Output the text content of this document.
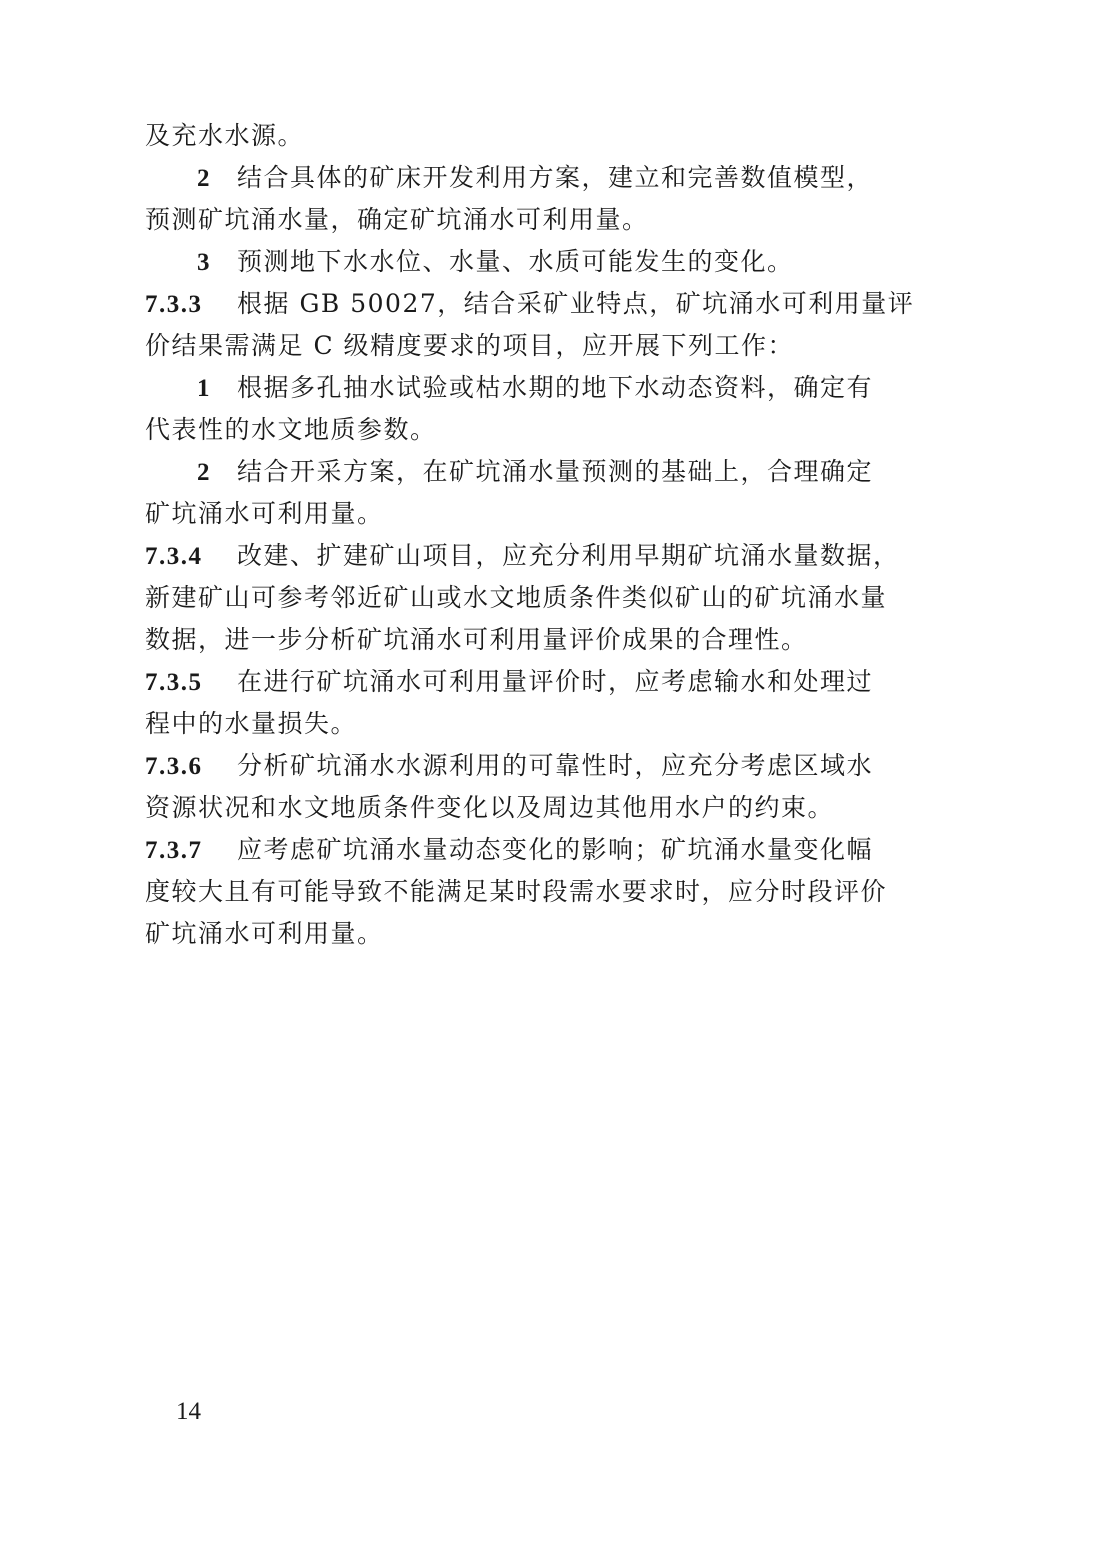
及充水水源。
2 结合具体的矿床开发利用方案，建立和完善数值模型，
预测矿坑涌水量，确定矿坑涌水可利用量。
3 预测地下水水位、水量、水质可能发生的变化。
7.3.3 根据 GB 50027，结合采矿业特点，矿坑涌水可利用量评
价结果需满足 C 级精度要求的项目，应开展下列工作：
1 根据多孔抽水试验或枯水期的地下水动态资料，确定有
代表性的水文地质参数。
2 结合开采方案，在矿坑涌水量预测的基础上，合理确定
矿坑涌水可利用量。
7.3.4 改建、扩建矿山项目，应充分利用早期矿坑涌水量数据，
新建矿山可参考邻近矿山或水文地质条件类似矿山的矿坑涌水量
数据，进一步分析矿坑涌水可利用量评价成果的合理性。
7.3.5 在进行矿坑涌水可利用量评价时，应考虑输水和处理过
程中的水量损失。
7.3.6 分析矿坑涌水水源利用的可靠性时，应充分考虑区域水
资源状况和水文地质条件变化以及周边其他用水户的约束。
7.3.7 应考虑矿坑涌水量动态变化的影响；矿坑涌水量变化幅
度较大且有可能导致不能满足某时段需水要求时，应分时段评价
矿坑涌水可利用量。
14
